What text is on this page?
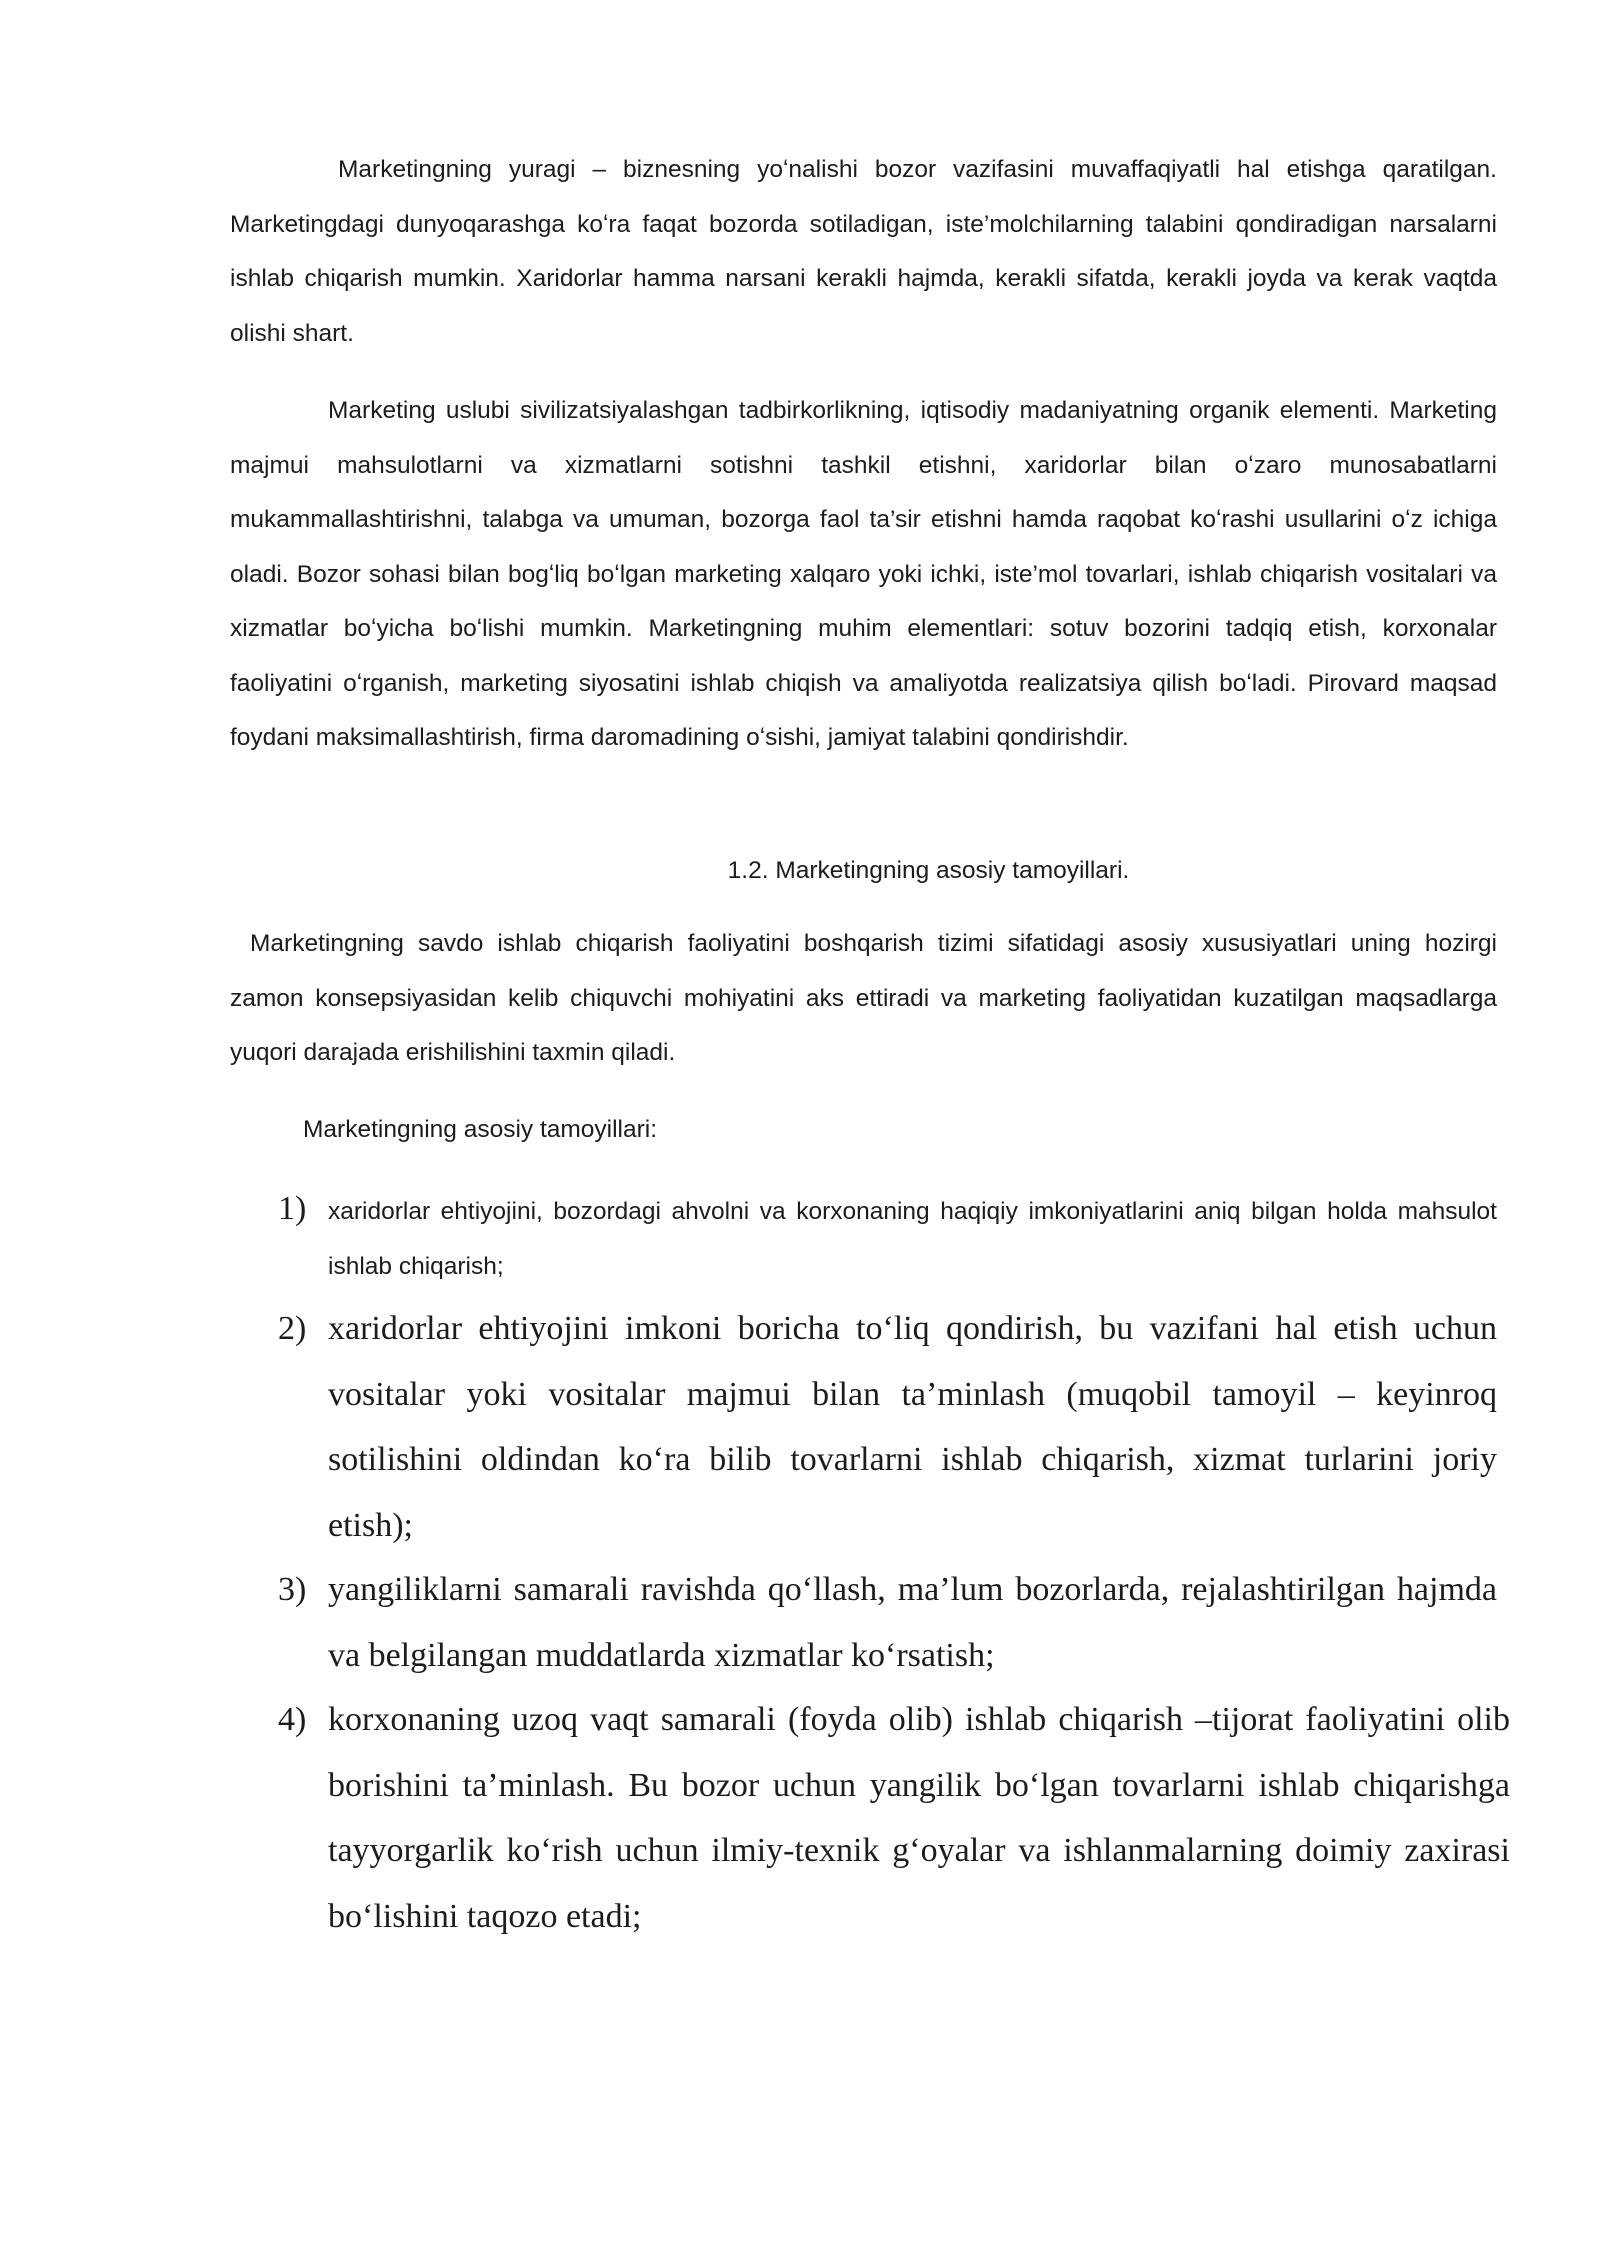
Marketingning yuragi – biznesning yoʻnalishi bozor vazifasini muvaffaqiyatli hal etishga qaratilgan. Marketingdagi dunyoqarashga koʻra faqat bozorda sotiladigan, iste’molchilarning talabini qondiradigan narsalarni ishlab chiqarish mumkin. Xaridorlar hamma narsani kerakli hajmda, kerakli sifatda, kerakli joyda va kerak vaqtda olishi shart.

Marketing uslubi sivilizatsiyalashgan tadbirkorlikning, iqtisodiy madaniyatning organik elementi. Marketing majmui mahsulotlarni va xizmatlarni sotishni tashkil etishni, xaridorlar bilan oʻzaro munosabatlarni mukammallashtirishni, talabga va umuman, bozorga faol ta’sir etishni hamda raqobat koʻrashi usullarini oʻz ichiga oladi. Bozor sohasi bilan bogʻliq boʻlgan marketing xalqaro yoki ichki, iste’mol tovarlari, ishlab chiqarish vositalari va xizmatlar boʻyicha boʻlishi mumkin. Marketingning muhim elementlari: sotuv bozorini tadqiq etish, korxonalar faoliyatini oʻrganish, marketing siyosatini ishlab chiqish va amaliyotda realizatsiya qilish boʻladi. Pirovard maqsad foydani maksimallashtirish, firma daromadining oʻsishi, jamiyat talabini qondirishdir.

1.2. Marketingning asosiy tamoyillari.

Marketingning savdo ishlab chiqarish faoliyatini boshqarish tizimi sifatidagi asosiy xususiyatlari uning hozirgi zamon konsepsiyasidan kelib chiquvchi mohiyatini aks ettiradi va marketing faoliyatidan kuzatilgan maqsadlarga yuqori darajada erishilishini taxmin qiladi.

Marketingning asosiy tamoyillari:

1) xaridorlar ehtiyojini, bozordagi ahvolni va korxonaning haqiqiy imkoniyatlarini aniq bilgan holda mahsulot ishlab chiqarish;
2) xaridorlar ehtiyojini imkoni boricha toʻliq qondirish, bu vazifani hal etish uchun vositalar yoki vositalar majmui bilan ta’minlash (muqobil tamoyil – keyinroq sotilishini oldindan koʻra bilib tovarlarni ishlab chiqarish, xizmat turlarini joriy etish);
3) yangiliklarni samarali ravishda qoʻllash, ma’lum bozorlarda, rejalashtirilgan hajmda va belgilangan muddatlarda xizmatlar koʻrsatish;
4) korxonaning uzoq vaqt samarali (foyda olib) ishlab chiqarish –tijorat faoliyatini olib borishini ta’minlash. Bu bozor uchun yangilik boʻlgan tovarlarni ishlab chiqarishga tayyorgarlik koʻrish uchun ilmiy-texnik gʻoyalar va ishlanmalarning doimiy zaxirasi boʻlishini taqozo etadi;
